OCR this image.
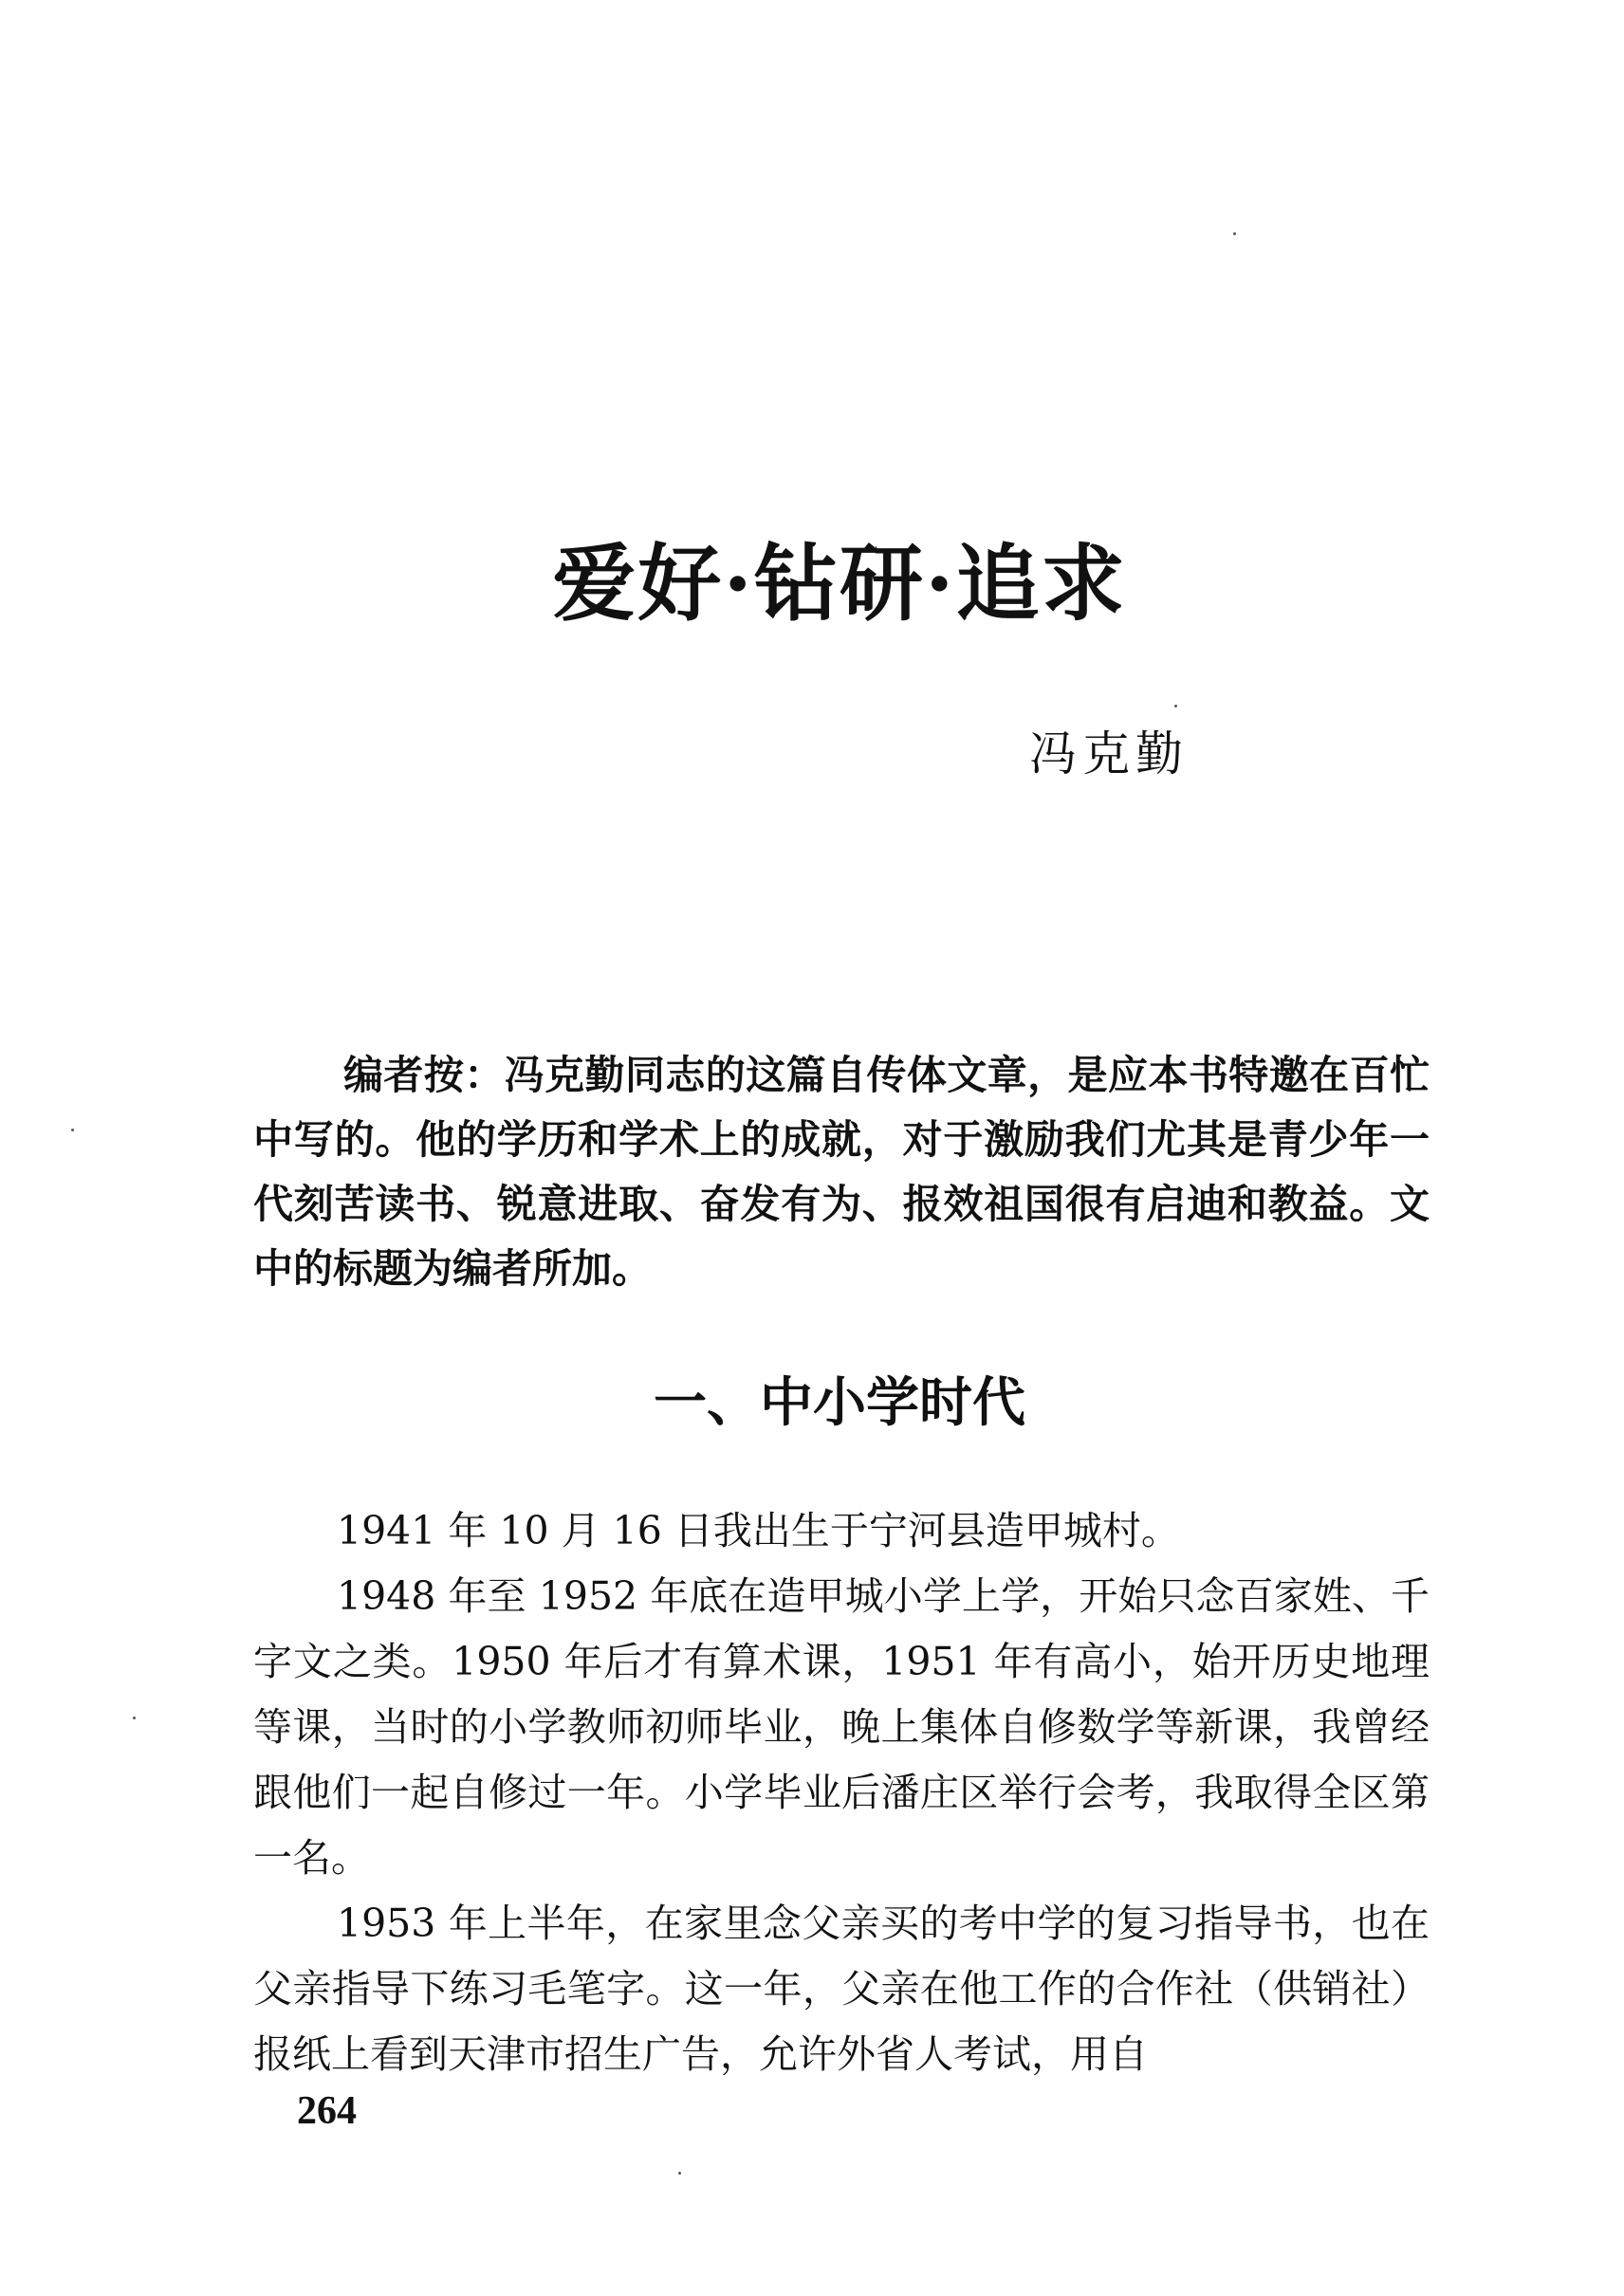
爱好·钻研·追求
冯克勤

编者按：冯克勤同志的这篇自传体文章，是应本书特邀在百忙中写的。他的学历和学术上的成就，对于激励我们尤其是青少年一代刻苦读书、锐意进取、奋发有为、报效祖国很有启迪和教益。文中的标题为编者所加。

一、中小学时代

1941 年 10 月 16 日我出生于宁河县造甲城村。

1948 年至 1952 年底在造甲城小学上学，开始只念百家姓、千字文之类。1950 年后才有算术课，1951 年有高小，始开历史地理等课，当时的小学教师初师毕业，晚上集体自修数学等新课，我曾经跟他们一起自修过一年。小学毕业后潘庄区举行会考，我取得全区第一名。

1953 年上半年，在家里念父亲买的考中学的复习指导书，也在父亲指导下练习毛笔字。这一年，父亲在他工作的合作社（供销社）报纸上看到天津市招生广告，允许外省人考试，用自

264
